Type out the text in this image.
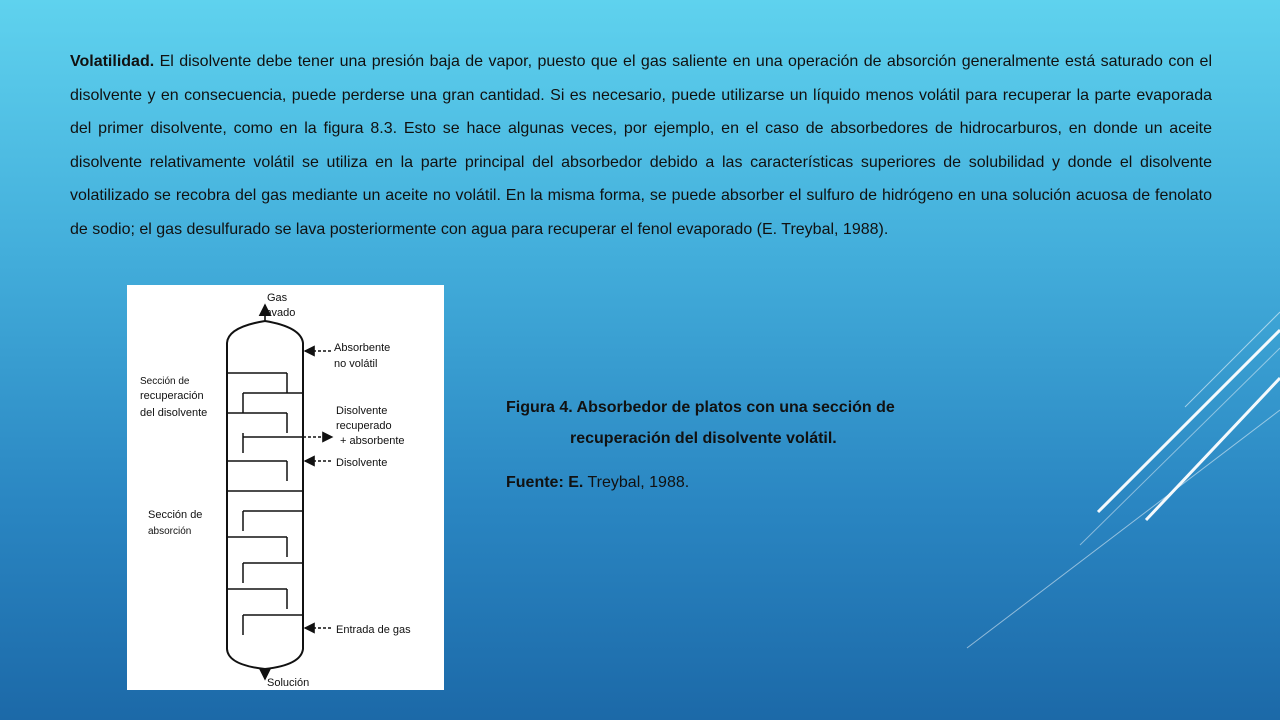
Volatilidad. El disolvente debe tener una presión baja de vapor, puesto que el gas saliente en una operación de absorción generalmente está saturado con el disolvente y en consecuencia, puede perderse una gran cantidad. Si es necesario, puede utilizarse un líquido menos volátil para recuperar la parte evaporada del primer disolvente, como en la figura 8.3. Esto se hace algunas veces, por ejemplo, en el caso de absorbedores de hidrocarburos, en donde un aceite disolvente relativamente volátil se utiliza en la parte principal del absorbedor debido a las características superiores de solubilidad y donde el disolvente volatilizado se recobra del gas mediante un aceite no volátil. En la misma forma, se puede absorber el sulfuro de hidrógeno en una solución acuosa de fenolato de sodio; el gas desulfurado se lava posteriormente con agua para recuperar el fenol evaporado (E. Treybal, 1988).

Gas
lavado
Absorbente
no volátil
Sección de
recuperación
del disolvente	Disolvente
recuperado
+ absorbente
Disolvente
Sección de
absorción
Entrada de gas
Solución

Figura 4. Absorbedor de platos con una sección de

recuperación del disolvente volátil.

Fuente: E. Treybal, 1988.
